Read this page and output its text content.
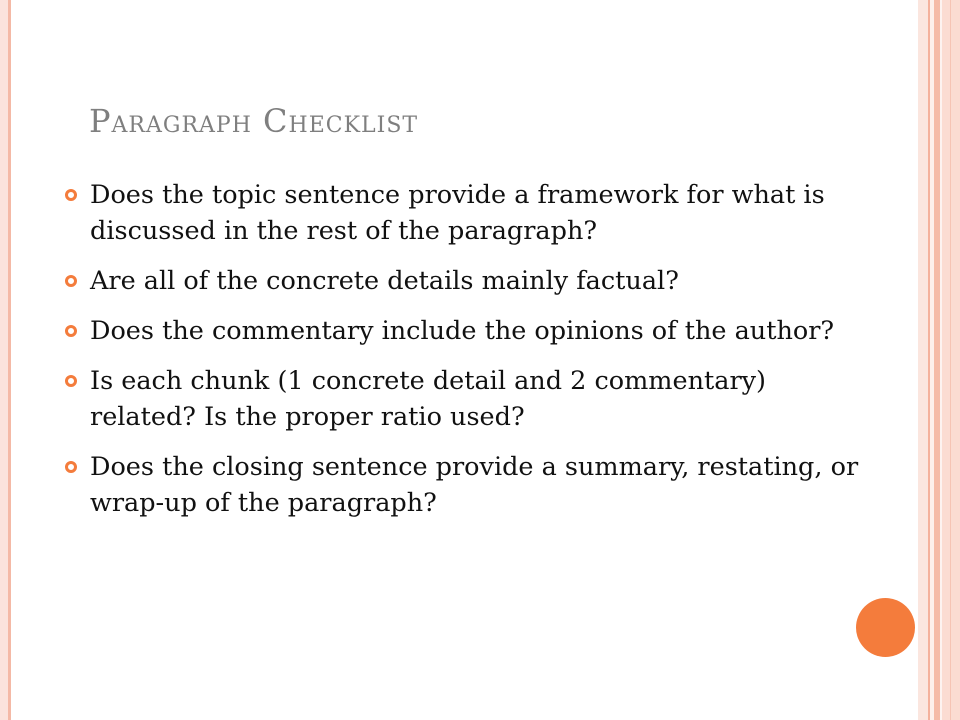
Paragraph Checklist
Does the topic sentence provide a framework for what is discussed in the rest of the paragraph?
Are all of the concrete details mainly factual?
Does the commentary include the opinions of the author?
Is each chunk (1 concrete detail and 2 commentary) related? Is the proper ratio used?
Does the closing sentence provide a summary, restating, or wrap-up of the paragraph?
